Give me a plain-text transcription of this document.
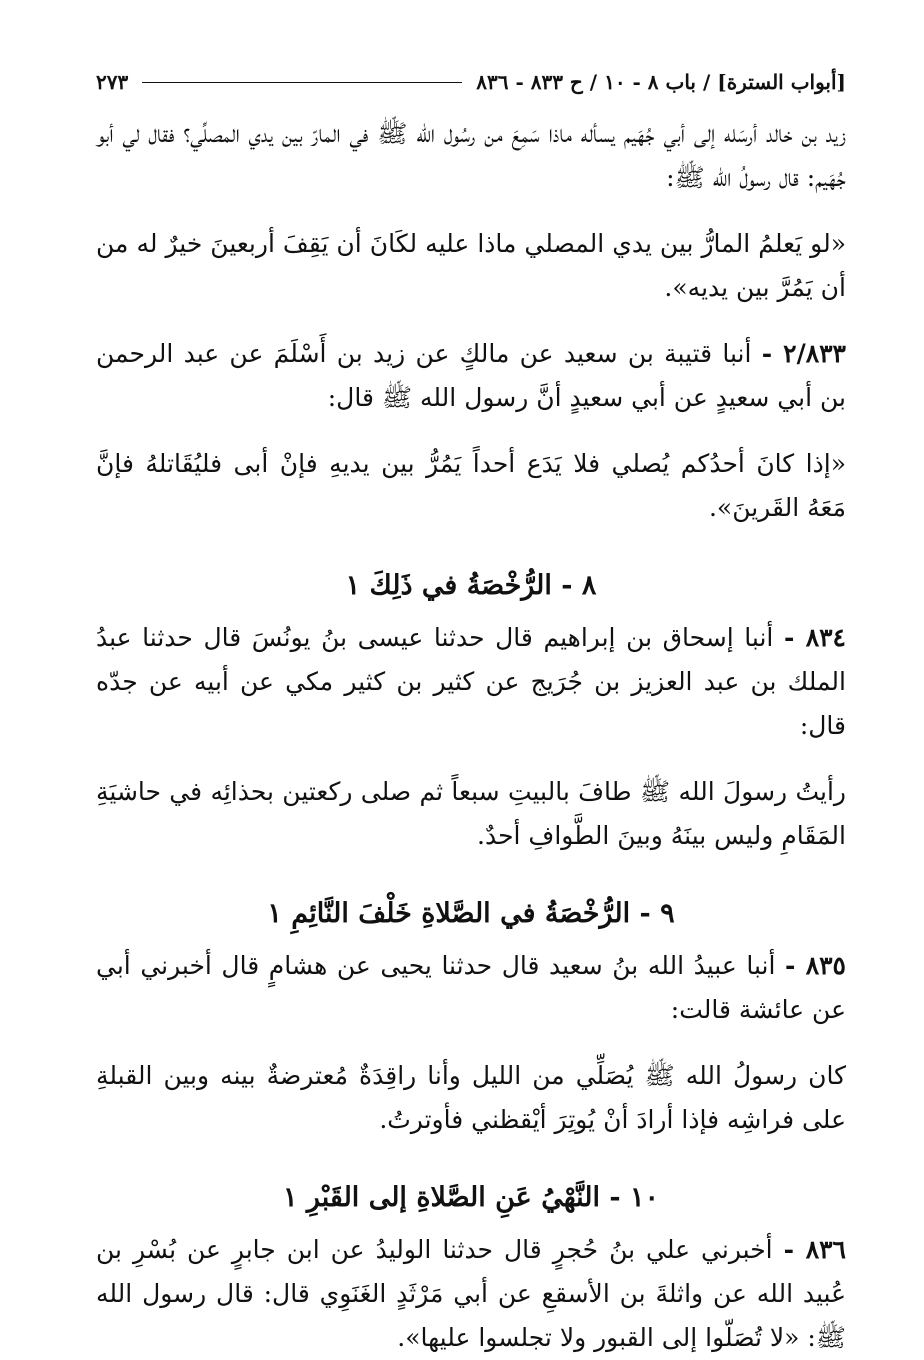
[أبواب السترة] / باب ٨ - ١٠ / ح ٨٣٣ - ٨٣٦
٢٧٣

زيد بن خالد أرسَله إلى أبي جُهَيم يسأله ماذا سَمِعَ من رسُول الله ﷺ في المارّ بين يدي المصلِّي؟ فقال لي أبو جُهَيم: قال رسولُ الله ﷺ:

«لو يَعلمُ المارُّ بين يدي المصلي ماذا عليه لكَانَ أن يَقِفَ أربعينَ خيرٌ له من أن يَمُرَّ بين يديه».

٢/٨٣٣ - أنبا قتيبة بن سعيد عن مالكٍ عن زيد بن أَسْلَمَ عن عبد الرحمن بن أبي سعيدٍ عن أبي سعيدٍ أنَّ رسول الله ﷺ قال:

«إذا كانَ أحدُكم يُصلي فلا يَدَع أحداً يَمُرُّ بين يديهِ فإنْ أبى فليُقَاتلهُ فإنَّ مَعَهُ القَرينَ».

٨ - الرُّخْصَةُ في ذَلِكَ ١

٨٣٤ - أنبا إسحاق بن إبراهيم قال حدثنا عيسى بنُ يونُسَ قال حدثنا عبدُ الملك بن عبد العزيز بن جُرَيج عن كثير بن كثير مكي عن أبيه عن جدّه قال:

رأيتُ رسولَ الله ﷺ طافَ بالبيتِ سبعاً ثم صلى ركعتين بحذائِه في حاشيَةِ المَقَامِ وليس بينَهُ وبينَ الطَّوافِ أحدٌ.

٩ - الرُّخْصَةُ في الصَّلاةِ خَلْفَ النَّائِمِ ١

٨٣٥ - أنبا عبيدُ الله بنُ سعيد قال حدثنا يحيى عن هشامٍ قال أخبرني أبي عن عائشة قالت:

كان رسولُ الله ﷺ يُصَلِّي من الليل وأنا راقِدَةٌ مُعترضةٌ بينه وبين القبلةِ على فراشِه فإذا أرادَ أنْ يُوتِرَ أيْقظني فأوترتُ.

١٠ - النَّهْيُ عَنِ الصَّلاةِ إلى القَبْرِ ١

٨٣٦ - أخبرني علي بنُ حُجرٍ قال حدثنا الوليدُ عن ابن جابرٍ عن بُسْرِ بن عُبيد الله عن واثلةَ بن الأسقعِ عن أبي مَرْثَدٍ الغَنَوِي قال: قال رسول الله ﷺ: «لا تُصَلّوا إلى القبور ولا تجلسوا عليها».
